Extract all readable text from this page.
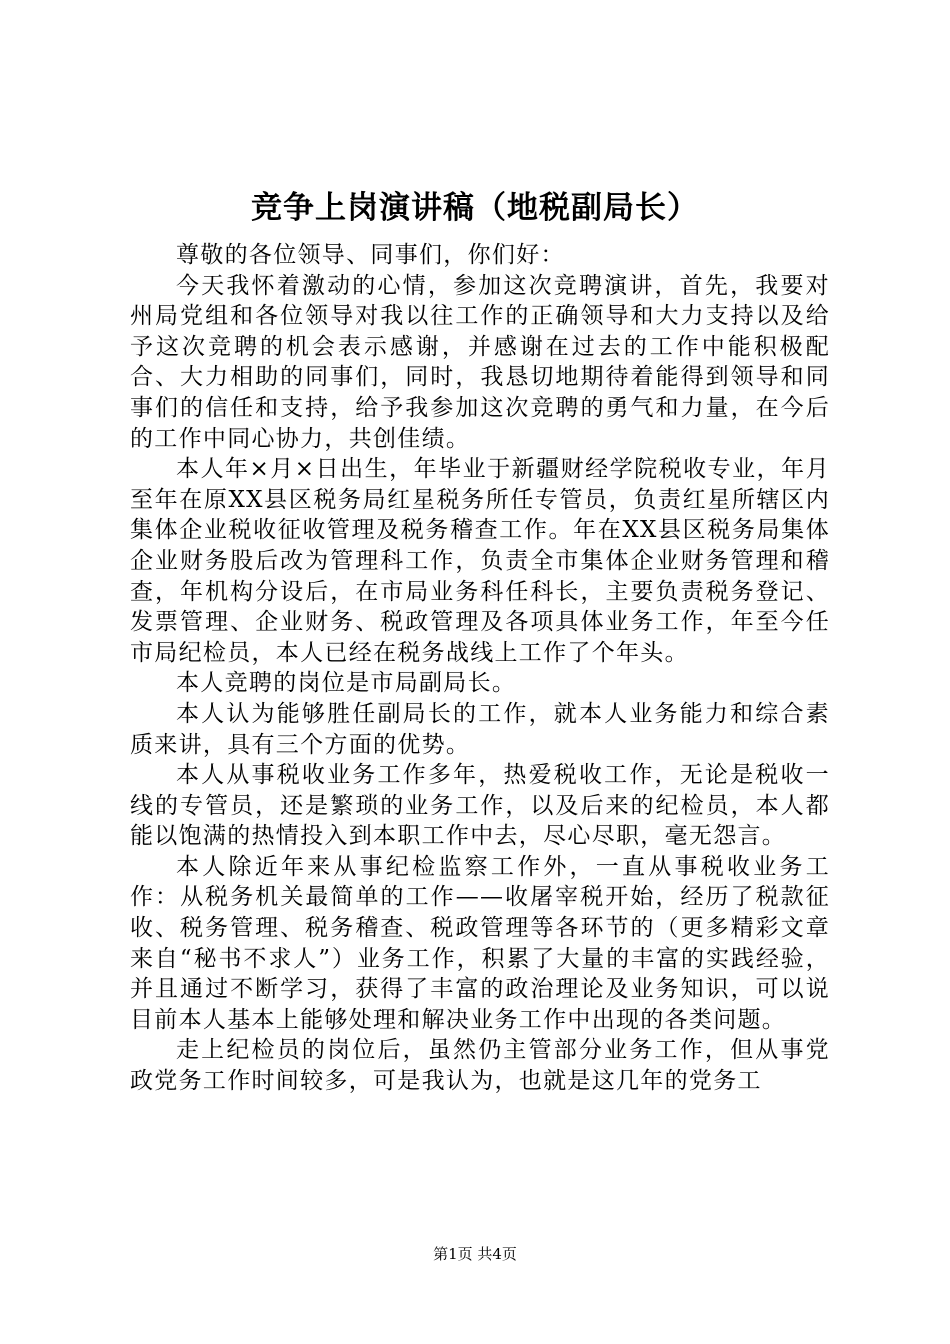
竞争上岗演讲稿（地税副局长）

尊敬的各位领导、同事们，你们好：

今天我怀着激动的心情，参加这次竞聘演讲，首先，我要对州局党组和各位领导对我以往工作的正确领导和大力支持以及给予这次竞聘的机会表示感谢，并感谢在过去的工作中能积极配合、大力相助的同事们，同时，我恳切地期待着能得到领导和同事们的信任和支持，给予我参加这次竞聘的勇气和力量，在今后的工作中同心协力，共创佳绩。

本人年×月×日出生，年毕业于新疆财经学院税收专业，年月至年在原XX县区税务局红星税务所任专管员，负责红星所辖区内集体企业税收征收管理及税务稽查工作。年在XX县区税务局集体企业财务股后改为管理科工作，负责全市集体企业财务管理和稽查，年机构分设后，在市局业务科任科长，主要负责税务登记、发票管理、企业财务、税政管理及各项具体业务工作，年至今任市局纪检员，本人已经在税务战线上工作了个年头。

本人竞聘的岗位是市局副局长。

本人认为能够胜任副局长的工作，就本人业务能力和综合素质来讲，具有三个方面的优势。

本人从事税收业务工作多年，热爱税收工作，无论是税收一线的专管员，还是繁琐的业务工作，以及后来的纪检员，本人都能以饱满的热情投入到本职工作中去，尽心尽职，毫无怨言。

本人除近年来从事纪检监察工作外，一直从事税收业务工作：从税务机关最简单的工作——收屠宰税开始，经历了税款征收、税务管理、税务稽查、税政管理等各环节的（更多精彩文章来自“秘书不求人”）业务工作，积累了大量的丰富的实践经验，并且通过不断学习，获得了丰富的政治理论及业务知识，可以说目前本人基本上能够处理和解决业务工作中出现的各类问题。

走上纪检员的岗位后，虽然仍主管部分业务工作，但从事党政党务工作时间较多，可是我认为，也就是这几年的党务工

第1页 共4页
